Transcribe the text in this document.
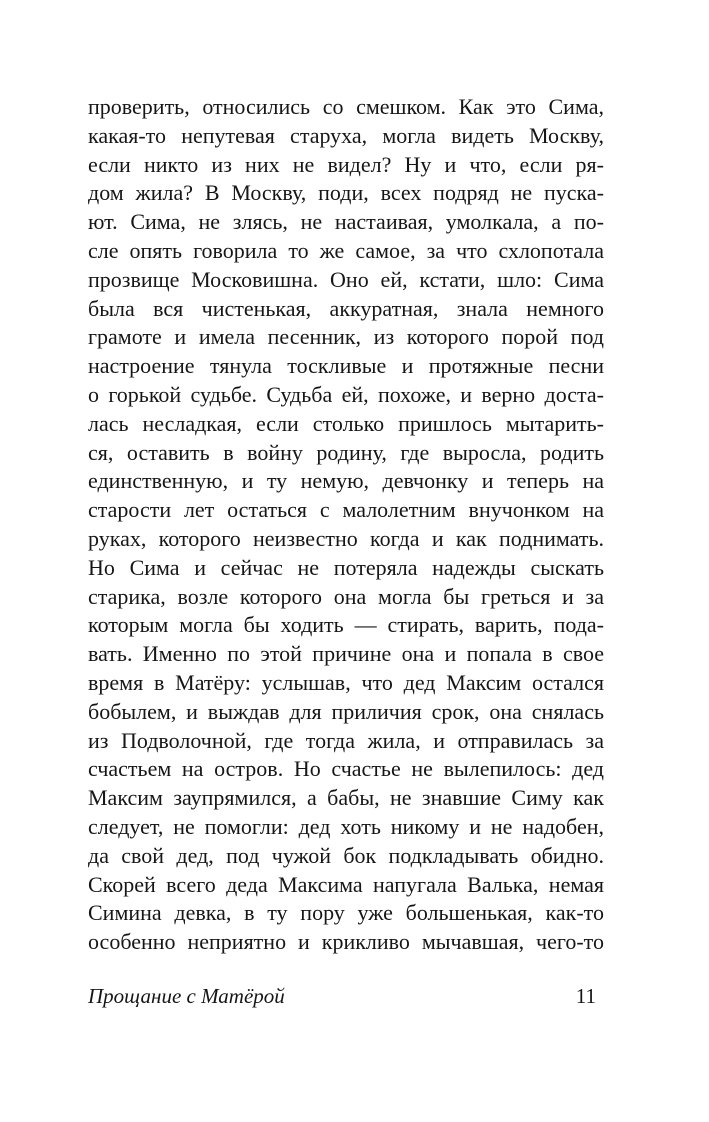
проверить, относились со смешком. Как это Сима,
какая-то непутевая старуха, могла видеть Москву,
если никто из них не видел? Ну и что, если ря-
дом жила? В Москву, поди, всех подряд не пуска-
ют. Сима, не злясь, не настаивая, умолкала, а по-
сле опять говорила то же самое, за что схлопотала
прозвище Московишна. Оно ей, кстати, шло: Сима
была вся чистенькая, аккуратная, знала немного
грамоте и имела песенник, из которого порой под
настроение тянула тоскливые и протяжные песни
о горькой судьбе. Судьба ей, похоже, и верно доста-
лась несладкая, если столько пришлось мытарить-
ся, оставить в войну родину, где выросла, родить
единственную, и ту немую, девчонку и теперь на
старости лет остаться с малолетним внучонком на
руках, которого неизвестно когда и как поднимать.
Но Сима и сейчас не потеряла надежды сыскать
старика, возле которого она могла бы греться и за
которым могла бы ходить — стирать, варить, пода-
вать. Именно по этой причине она и попала в свое
время в Матёру: услышав, что дед Максим остался
бобылем, и выждав для приличия срок, она снялась
из Подволочной, где тогда жила, и отправилась за
счастьем на остров. Но счастье не вылепилось: дед
Максим заупрямился, а бабы, не знавшие Симу как
следует, не помогли: дед хоть никому и не надобен,
да свой дед, под чужой бок подкладывать обидно.
Скорей всего деда Максима напугала Валька, немая
Симина девка, в ту пору уже большенькая, как-то
особенно неприятно и крикливо мычавшая, чего-то
Прощание с Матёрой	11
